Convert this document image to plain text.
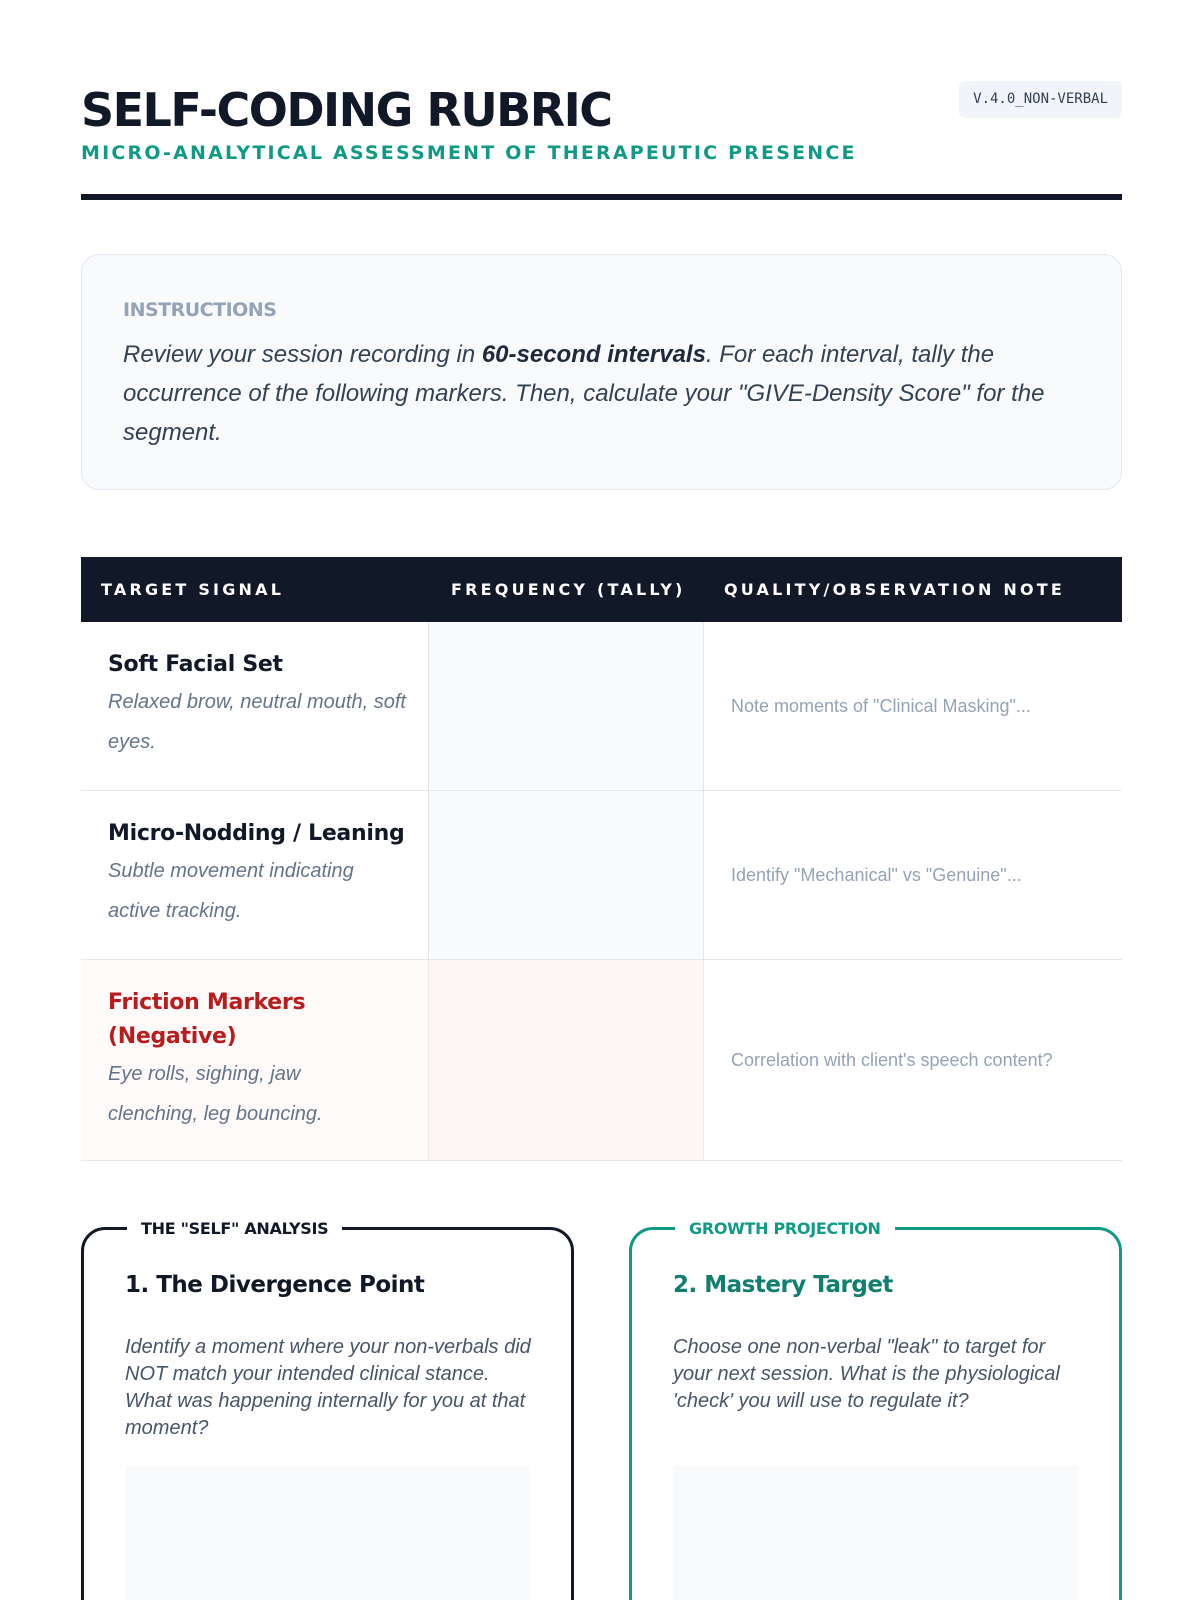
SELF-CODING RUBRIC
MICRO-ANALYTICAL ASSESSMENT OF THERAPEUTIC PRESENCE
V.4.0_NON-VERBAL
INSTRUCTIONS

Review your session recording in 60-second intervals. For each interval, tally the occurrence of the following markers. Then, calculate your "GIVE-Density Score" for the segment.

TARGET SIGNAL	FREQUENCY (TALLY)	QUALITY/OBSERVATION NOTE
Soft Facial Set
Relaxed brow, neutral mouth, soft eyes.
Note moments of "Clinical Masking"...
Micro-Nodding / Leaning
Subtle movement indicating active tracking.
Identify "Mechanical" vs "Genuine"...
Friction Markers (Negative)
Eye rolls, sighing, jaw clenching, leg bouncing.
Correlation with client's speech content?
THE "SELF" ANALYSIS
1. The Divergence Point

Identify a moment where your non-verbals did NOT match your intended clinical stance. What was happening internally for you at that moment?

GROWTH PROJECTION
2. Mastery Target

Choose one non-verbal "leak" to target for your next session. What is the physiological 'check' you will use to regulate it?
